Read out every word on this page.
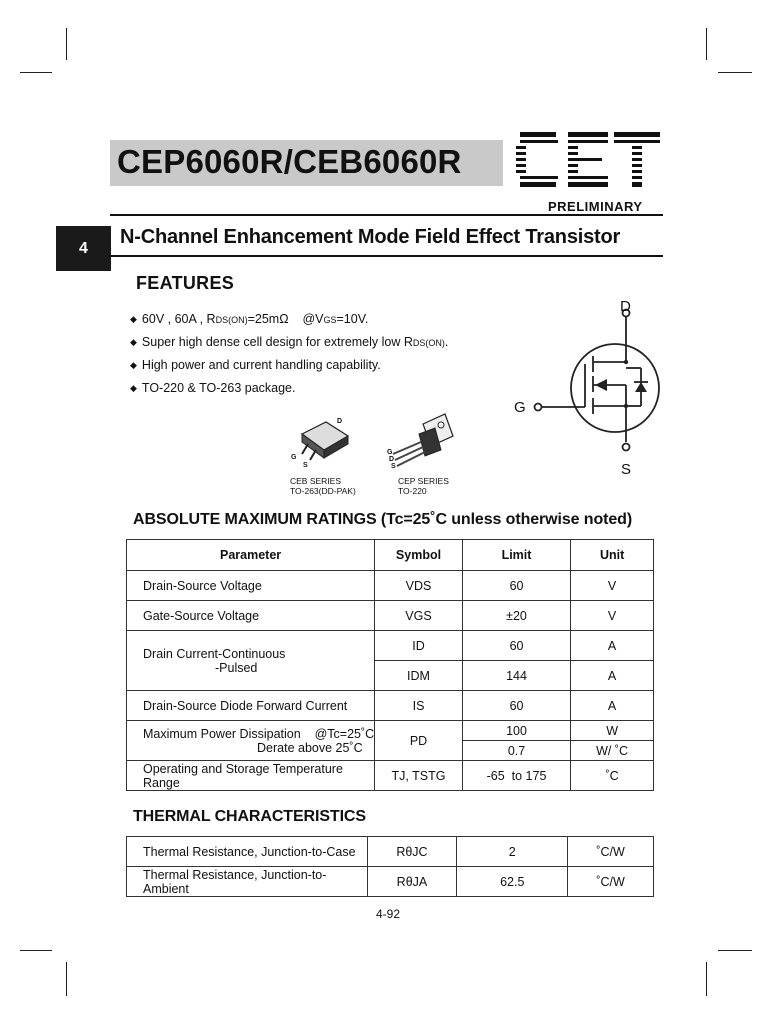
CEP6060R/CEB6060R
PRELIMINARY
4	N-Channel Enhancement Mode Field Effect Transistor
FEATURES
◆ 60V , 60A , RDS(ON)=25mΩ    @VGS=10V.
◆ Super high dense cell design for extremely low RDS(ON).
◆ High power and current handling capability.
◆ TO-220 & TO-263 package.
D
G
S
D
G
S
G
D
S
CEB SERIES
TO-263(DD-PAK)
CEP SERIES
TO-220
ABSOLUTE MAXIMUM RATINGS (Tc=25˚C unless otherwise noted)
Parameter	Symbol	Limit	Unit
Drain-Source Voltage	VDS	60	V
Gate-Source Voltage	VGS	±20	V

Drain Current-Continuous
-Pulsed	ID	60	A
	IDM	144	A
Drain-Source Diode Forward Current	IS	60	A

Maximum Power Dissipation    @Tc=25˚C
Derate above 25˚C	PD	100	W
		0.7	W/ ˚C
Operating and Storage Temperature Range	TJ, TSTG	-65  to 175	˚C
THERMAL CHARACTERISTICS
Thermal Resistance, Junction-to-Case	RθJC	2	˚C/W
Thermal Resistance, Junction-to-Ambient	RθJA	62.5	˚C/W
4-92
